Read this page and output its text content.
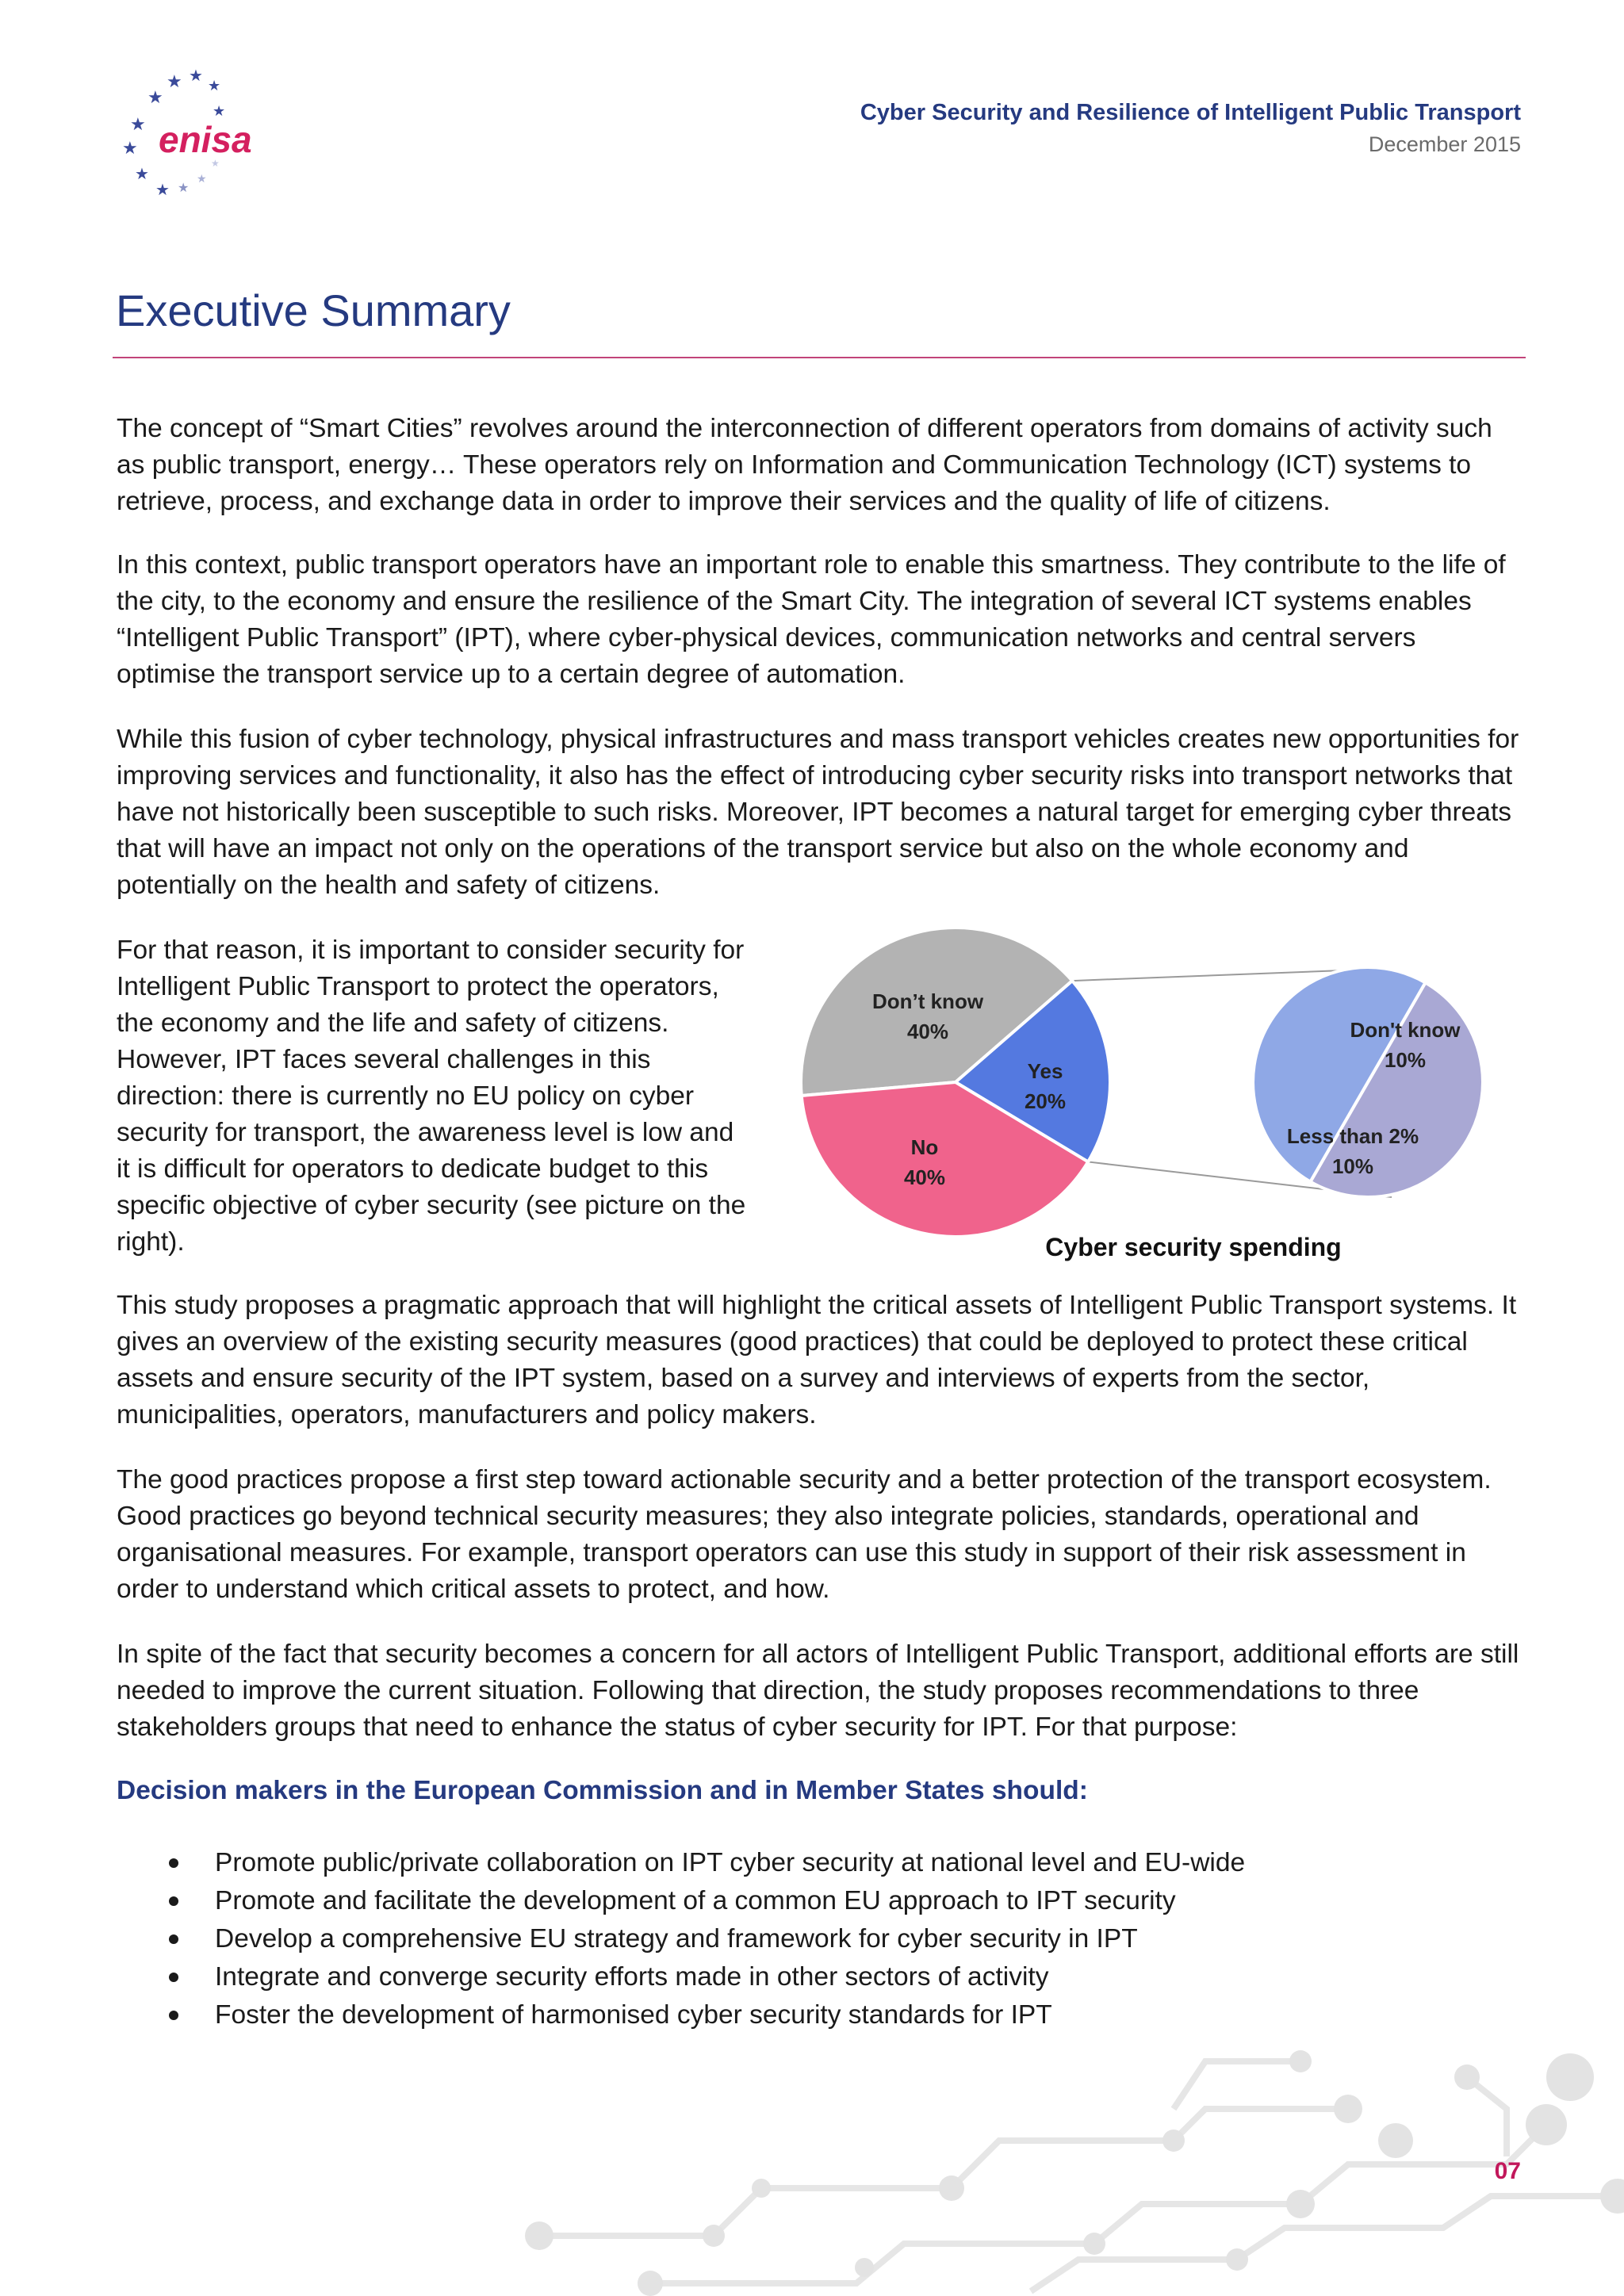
★ ★
★
★
★
★
★
★
★ ★
★
★
enisa
Cyber Security and Resilience of Intelligent Public Transport
December 2015
Executive Summary

The concept of “Smart Cities” revolves around the interconnection of different operators from domains of activity such as public transport, energy… These operators rely on Information and Communication Technology (ICT) systems to retrieve, process, and exchange data in order to improve their services and the quality of life of citizens.

In this context, public transport operators have an important role to enable this smartness. They contribute to the life of the city, to the economy and ensure the resilience of the Smart City. The integration of several ICT systems enables “Intelligent Public Transport” (IPT), where cyber-physical devices, communication networks and central servers optimise the transport service up to a certain degree of automation.

While this fusion of cyber technology, physical infrastructures and mass transport vehicles creates new opportunities for improving services and functionality, it also has the effect of introducing cyber security risks into transport networks that have not historically been susceptible to such risks. Moreover, IPT becomes a natural target for emerging cyber threats that will have an impact not only on the operations of the transport service but also on the whole economy and potentially on the health and safety of citizens.

For that reason, it is important to consider security for Intelligent Public Transport to protect the operators, the economy and the life and safety of citizens. However, IPT faces several challenges in this direction: there is currently no EU policy on cyber security for transport, the awareness level is low and it is difficult for operators to dedicate budget to this specific objective of cyber security (see picture on the right).

Don’t know 40%
Yes 20%
No 40%
Don't know 10%
Less than 2% 10%
Cyber security spending

This study proposes a pragmatic approach that will highlight the critical assets of Intelligent Public Transport systems. It gives an overview of the existing security measures (good practices) that could be deployed to protect these critical assets and ensure security of the IPT system, based on a survey and interviews of experts from the sector, municipalities, operators, manufacturers and policy makers.

The good practices propose a first step toward actionable security and a better protection of the transport ecosystem. Good practices go beyond technical security measures; they also integrate policies, standards, operational and organisational measures. For example, transport operators can use this study in support of their risk assessment in order to understand which critical assets to protect, and how.

In spite of the fact that security becomes a concern for all actors of Intelligent Public Transport, additional efforts are still needed to improve the current situation. Following that direction, the study proposes recommendations to three stakeholders groups that need to enhance the status of cyber security for IPT. For that purpose:

Decision makers in the European Commission and in Member States should:
Promote public/private collaboration on IPT cyber security at national level and EU-wide
Promote and facilitate the development of a common EU approach to IPT security
Develop a comprehensive EU strategy and framework for cyber security in IPT
Integrate and converge security efforts made in other sectors of activity
Foster the development of harmonised cyber security standards for IPT
07
